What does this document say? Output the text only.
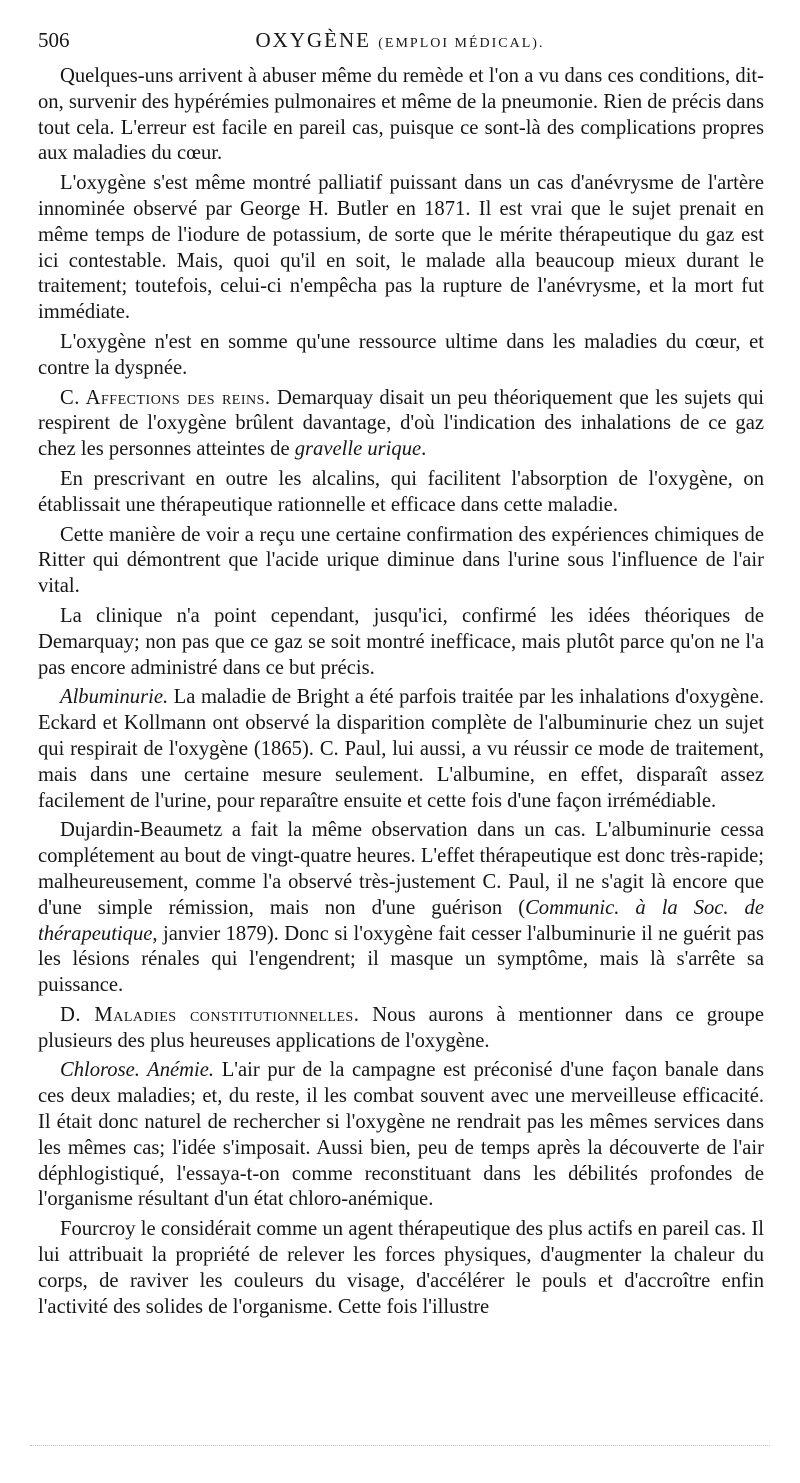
506	OXYGÈNE (EMPLOI MÉDICAL).

Quelques-uns arrivent à abuser même du remède et l'on a vu dans ces conditions, dit-on, survenir des hypérémies pulmonaires et même de la pneumonie. Rien de précis dans tout cela. L'erreur est facile en pareil cas, puisque ce sont-là des complications propres aux maladies du cœur.

L'oxygène s'est même montré palliatif puissant dans un cas d'anévrysme de l'artère innominée observé par George H. Butler en 1871. Il est vrai que le sujet prenait en même temps de l'iodure de potassium, de sorte que le mérite thérapeutique du gaz est ici contestable. Mais, quoi qu'il en soit, le malade alla beaucoup mieux durant le traitement; toutefois, celui-ci n'empêcha pas la rupture de l'anévrysme, et la mort fut immédiate.

L'oxygène n'est en somme qu'une ressource ultime dans les maladies du cœur, et contre la dyspnée.

C. Affections des reins. Demarquay disait un peu théoriquement que les sujets qui respirent de l'oxygène brûlent davantage, d'où l'indication des inhalations de ce gaz chez les personnes atteintes de gravelle urique.

En prescrivant en outre les alcalins, qui facilitent l'absorption de l'oxygène, on établissait une thérapeutique rationnelle et efficace dans cette maladie.

Cette manière de voir a reçu une certaine confirmation des expériences chimiques de Ritter qui démontrent que l'acide urique diminue dans l'urine sous l'influence de l'air vital.

La clinique n'a point cependant, jusqu'ici, confirmé les idées théoriques de Demarquay; non pas que ce gaz se soit montré inefficace, mais plutôt parce qu'on ne l'a pas encore administré dans ce but précis.

Albuminurie. La maladie de Bright a été parfois traitée par les inhalations d'oxygène. Eckard et Kollmann ont observé la disparition complète de l'albuminurie chez un sujet qui respirait de l'oxygène (1865). C. Paul, lui aussi, a vu réussir ce mode de traitement, mais dans une certaine mesure seulement. L'albumine, en effet, disparaît assez facilement de l'urine, pour reparaître ensuite et cette fois d'une façon irrémédiable.

Dujardin-Beaumetz a fait la même observation dans un cas. L'albuminurie cessa complétement au bout de vingt-quatre heures. L'effet thérapeutique est donc très-rapide; malheureusement, comme l'a observé très-justement C. Paul, il ne s'agit là encore que d'une simple rémission, mais non d'une guérison (Communic. à la Soc. de thérapeutique, janvier 1879). Donc si l'oxygène fait cesser l'albuminurie il ne guérit pas les lésions rénales qui l'engendrent; il masque un symptôme, mais là s'arrête sa puissance.

D. Maladies constitutionnelles. Nous aurons à mentionner dans ce groupe plusieurs des plus heureuses applications de l'oxygène.

Chlorose. Anémie. L'air pur de la campagne est préconisé d'une façon banale dans ces deux maladies; et, du reste, il les combat souvent avec une merveilleuse efficacité. Il était donc naturel de rechercher si l'oxygène ne rendrait pas les mêmes services dans les mêmes cas; l'idée s'imposait. Aussi bien, peu de temps après la découverte de l'air déphlogistiqué, l'essaya-t-on comme reconstituant dans les débilités profondes de l'organisme résultant d'un état chloro-anémique.

Fourcroy le considérait comme un agent thérapeutique des plus actifs en pareil cas. Il lui attribuait la propriété de relever les forces physiques, d'augmenter la chaleur du corps, de raviver les couleurs du visage, d'accélérer le pouls et d'accroître enfin l'activité des solides de l'organisme. Cette fois l'illustre
